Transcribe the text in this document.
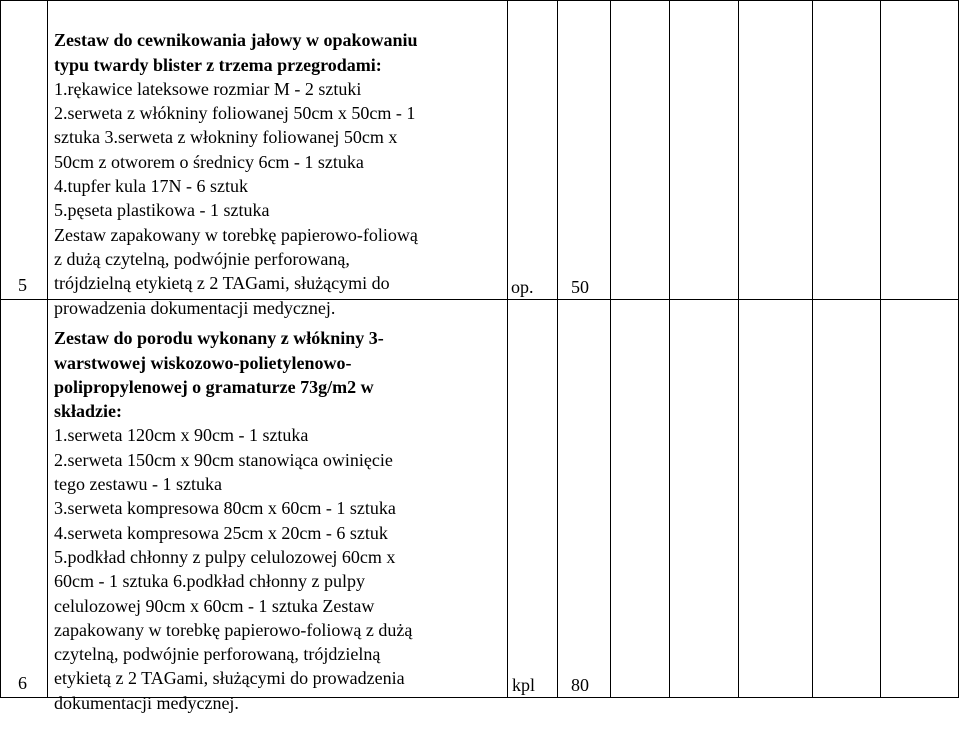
5

Zestaw do cewnikowania jałowy w opakowaniu
typu twardy blister z trzema przegrodami:

1.rękawice lateksowe rozmiar M - 2 sztuki
2.serweta z włókniny foliowanej 50cm x 50cm - 1
sztuka 3.serweta z włokniny foliowanej 50cm x
50cm z otworem o średnicy 6cm - 1 sztuka
4.tupfer kula 17N - 6 sztuk
5.pęseta plastikowa - 1 sztuka
Zestaw zapakowany w torebkę papierowo-foliową
z dużą czytelną, podwójnie perforowaną,
trójdzielną etykietą z 2 TAGami, służącymi do
prowadzenia dokumentacji medycznej.

op. 50
6

Zestaw do porodu wykonany z włókniny 3-
warstwowej wiskozowo-polietylenowo-
polipropylenowej o gramaturze 73g/m2 w
składzie:

1.serweta 120cm x 90cm - 1 sztuka
2.serweta 150cm x 90cm stanowiąca owinięcie
tego zestawu - 1 sztuka
3.serweta kompresowa 80cm x 60cm - 1 sztuka
4.serweta kompresowa 25cm x 20cm - 6 sztuk
5.podkład chłonny z pulpy celulozowej 60cm x
60cm - 1 sztuka 6.podkład chłonny z pulpy
celulozowej 90cm x 60cm - 1 sztuka Zestaw
zapakowany w torebkę papierowo-foliową z dużą
czytelną, podwójnie perforowaną, trójdzielną
etykietą z 2 TAGami, służącymi do prowadzenia
dokumentacji medycznej.

kpl 80
